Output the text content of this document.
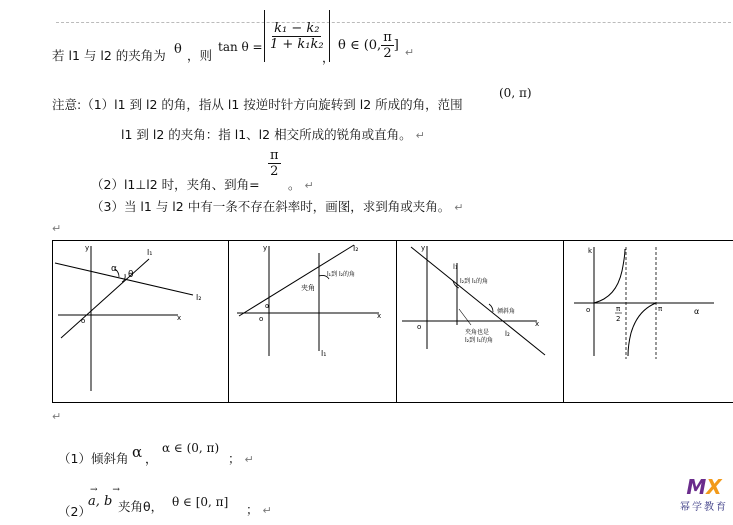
若 l1 与 l2 的夹角为 θ ，则
$\tan \theta = \frac{\text{k₁ − k₂}}{\text{1 + k₁k₂}}$
，
θ ∈ (0, $\frac{\pi}{2}$ ] ↵
注意:（1）l1 到 l2 的角，指从 l1 按逆时针方向旋转到 l2 所成的角，范围
(0, π)
l1 到 l2 的夹角：指 l1、l2 相交所成的锐角或直角。 ↵
（2）l1⊥l2 时，夹角、到角=
$\frac{\pi}{2}$
。 ↵
（3）当 l1 与 l2 中有一条不存在斜率时，画图，求到角或夹角。 ↵
↵
y
o	x
l₁
l₂
α
θ
y
o	x
l₂
l₁
l₁到 l₂的角
夹角
α
y
o	x
l₁
l₂
l₂到 l₁的角
倾斜角
夹角也是
l₂到 l₁的角
k
o	π
2
π	α
↵
（1）倾斜角 α ，
α ∈ (0, π)
； ↵
（2）
→ →
a, b 夹角θ， θ ∈ [0, π] ； ↵
MX
幂学教育
